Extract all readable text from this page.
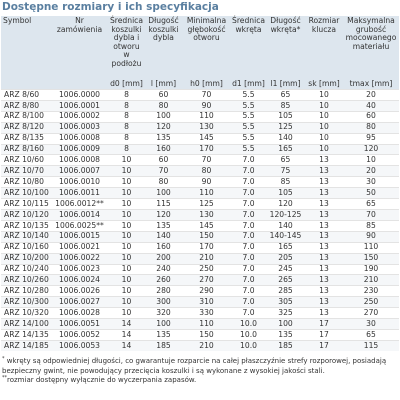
Dostępne rozmiary i ich specyfikacja
Symbol	Nr zamówienia	Średnica koszulki dybla i otworu w podłożu	Długość koszulki dybla	Minimalna głębokość otworu	Średnica wkręta	Długość wkręta*	Rozmiar klucza	Maksymalna grubość mocowanego materiału
		d0 [mm]	l [mm]	h0 [mm]	d1 [mm]	l1 [mm]	sk [mm]	tmax [mm]
ARZ 8/60	1006.0000	8	60	70	5.5	65	10	20
ARZ 8/80	1006.0001	8	80	90	5.5	85	10	40
ARZ 8/100	1006.0002	8	100	110	5.5	105	10	60
ARZ 8/120	1006.0003	8	120	130	5.5	125	10	80
ARZ 8/135	1006.0008	8	135	145	5.5	140	10	95
ARZ 8/160	1006.0009	8	160	170	5.5	165	10	120
ARZ 10/60	1006.0008	10	60	70	7.0	65	13	10
ARZ 10/70	1006.0007	10	70	80	7.0	75	13	20
ARZ 10/80	1006.0010	10	80	90	7.0	85	13	30
ARZ 10/100	1006.0011	10	100	110	7.0	105	13	50
ARZ 10/115	1006.0012**	10	115	125	7.0	120	13	65
ARZ 10/120	1006.0014	10	120	130	7.0	120-125	13	70
ARZ 10/135	1006.0025**	10	135	145	7.0	140	13	85
ARZ 10/140	1006.0015	10	140	150	7.0	140-145	13	90
ARZ 10/160	1006.0021	10	160	170	7.0	165	13	110
ARZ 10/200	1006.0022	10	200	210	7.0	205	13	150
ARZ 10/240	1006.0023	10	240	250	7.0	245	13	190
ARZ 10/260	1006.0024	10	260	270	7.0	265	13	210
ARZ 10/280	1006.0026	10	280	290	7.0	285	13	230
ARZ 10/300	1006.0027	10	300	310	7.0	305	13	250
ARZ 10/320	1006.0028	10	320	330	7.0	325	13	270
ARZ 14/100	1006.0051	14	100	110	10.0	100	17	30
ARZ 14/135	1006.0052	14	135	150	10.0	135	17	65
ARZ 14/185	1006.0053	14	185	210	10.0	185	17	115

* wkręty są odpowiedniej długości, co gwarantuje rozparcie na całej płaszczyźnie strefy rozporowej, posiadają bezpieczny gwint, nie powodujący przecięcia koszulki i są wykonane z wysokiej jakości stali.

**rozmiar dostępny wyłącznie do wyczerpania zapasów.
